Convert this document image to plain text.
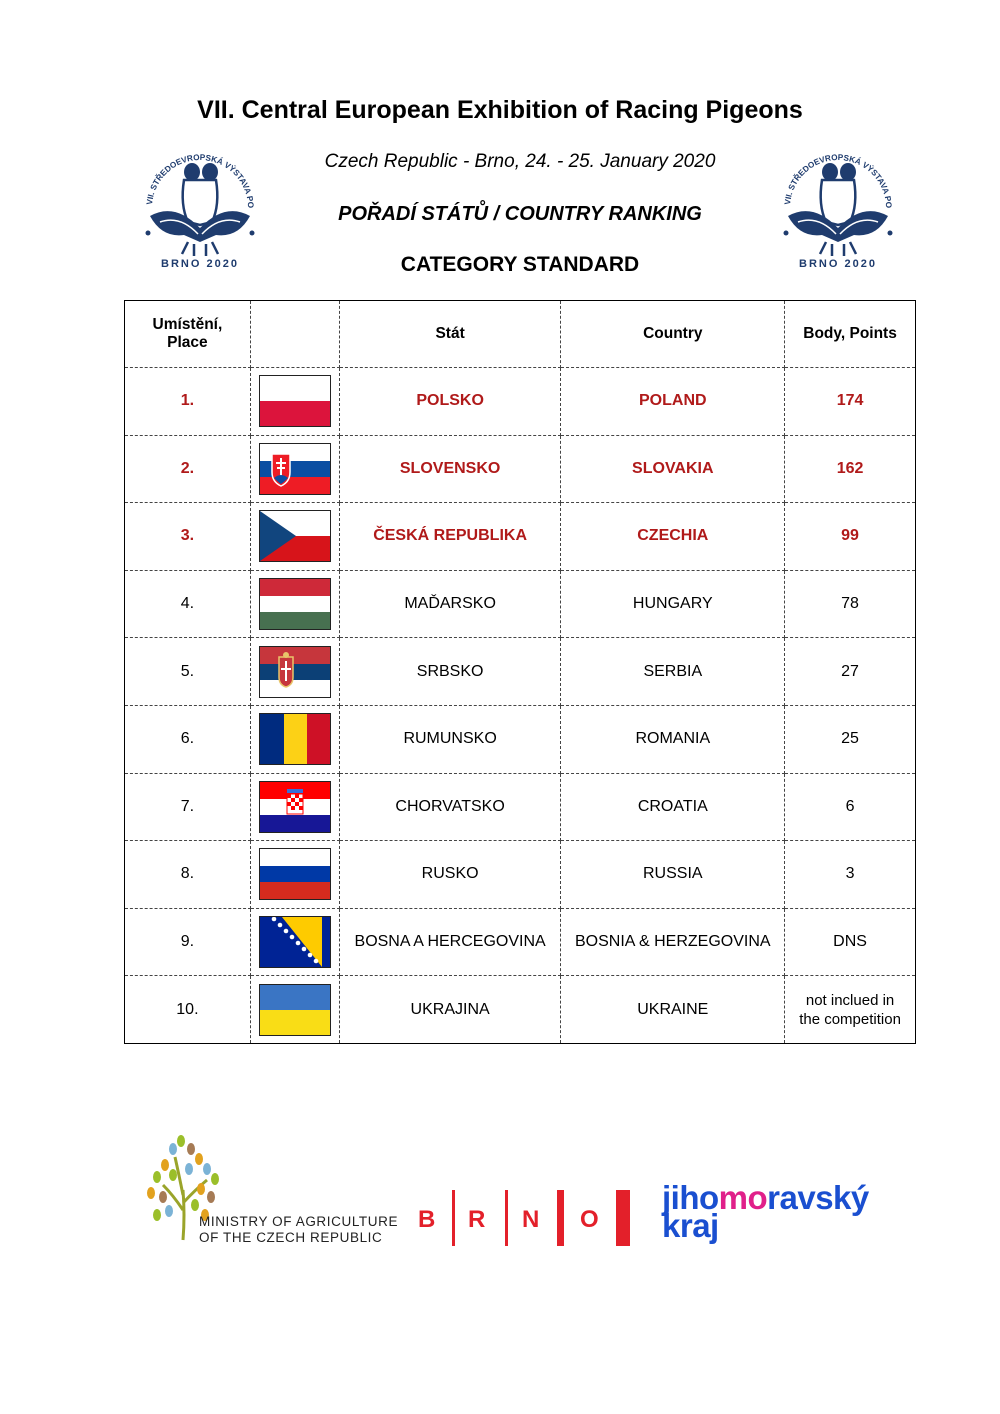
VII. Central European Exhibition of Racing Pigeons
VII. STŘEDOEVROPSKÁ VÝSTAVA PO
BRNO 2020
VII. STŘEDOEVROPSKÁ VÝSTAVA PO
BRNO 2020
Czech Republic - Brno, 24. - 25. January 2020
POŘADÍ STÁTŮ / COUNTRY RANKING
CATEGORY STANDARD
Umístění,
Place		Stát	Country	Body, Points
1.		POLSKO	POLAND	174
2.		SLOVENSKO	SLOVAKIA	162
3.		ČESKÁ REPUBLIKA	CZECHIA	99
4.		MAĎARSKO	HUNGARY	78
5.		SRBSKO	SERBIA	27
6.		RUMUNSKO	ROMANIA	25
7.		CHORVATSKO	CROATIA	6
8.		RUSKO	RUSSIA	3
9.		BOSNA A HERCEGOVINA	BOSNIA & HERZEGOVINA	DNS
10.		UKRAJINA	UKRAINE	not inclued in
the competition
MINISTRY OF AGRICULTURE
OF THE CZECH REPUBLIC
B R N O
jihomoravský
kraj
